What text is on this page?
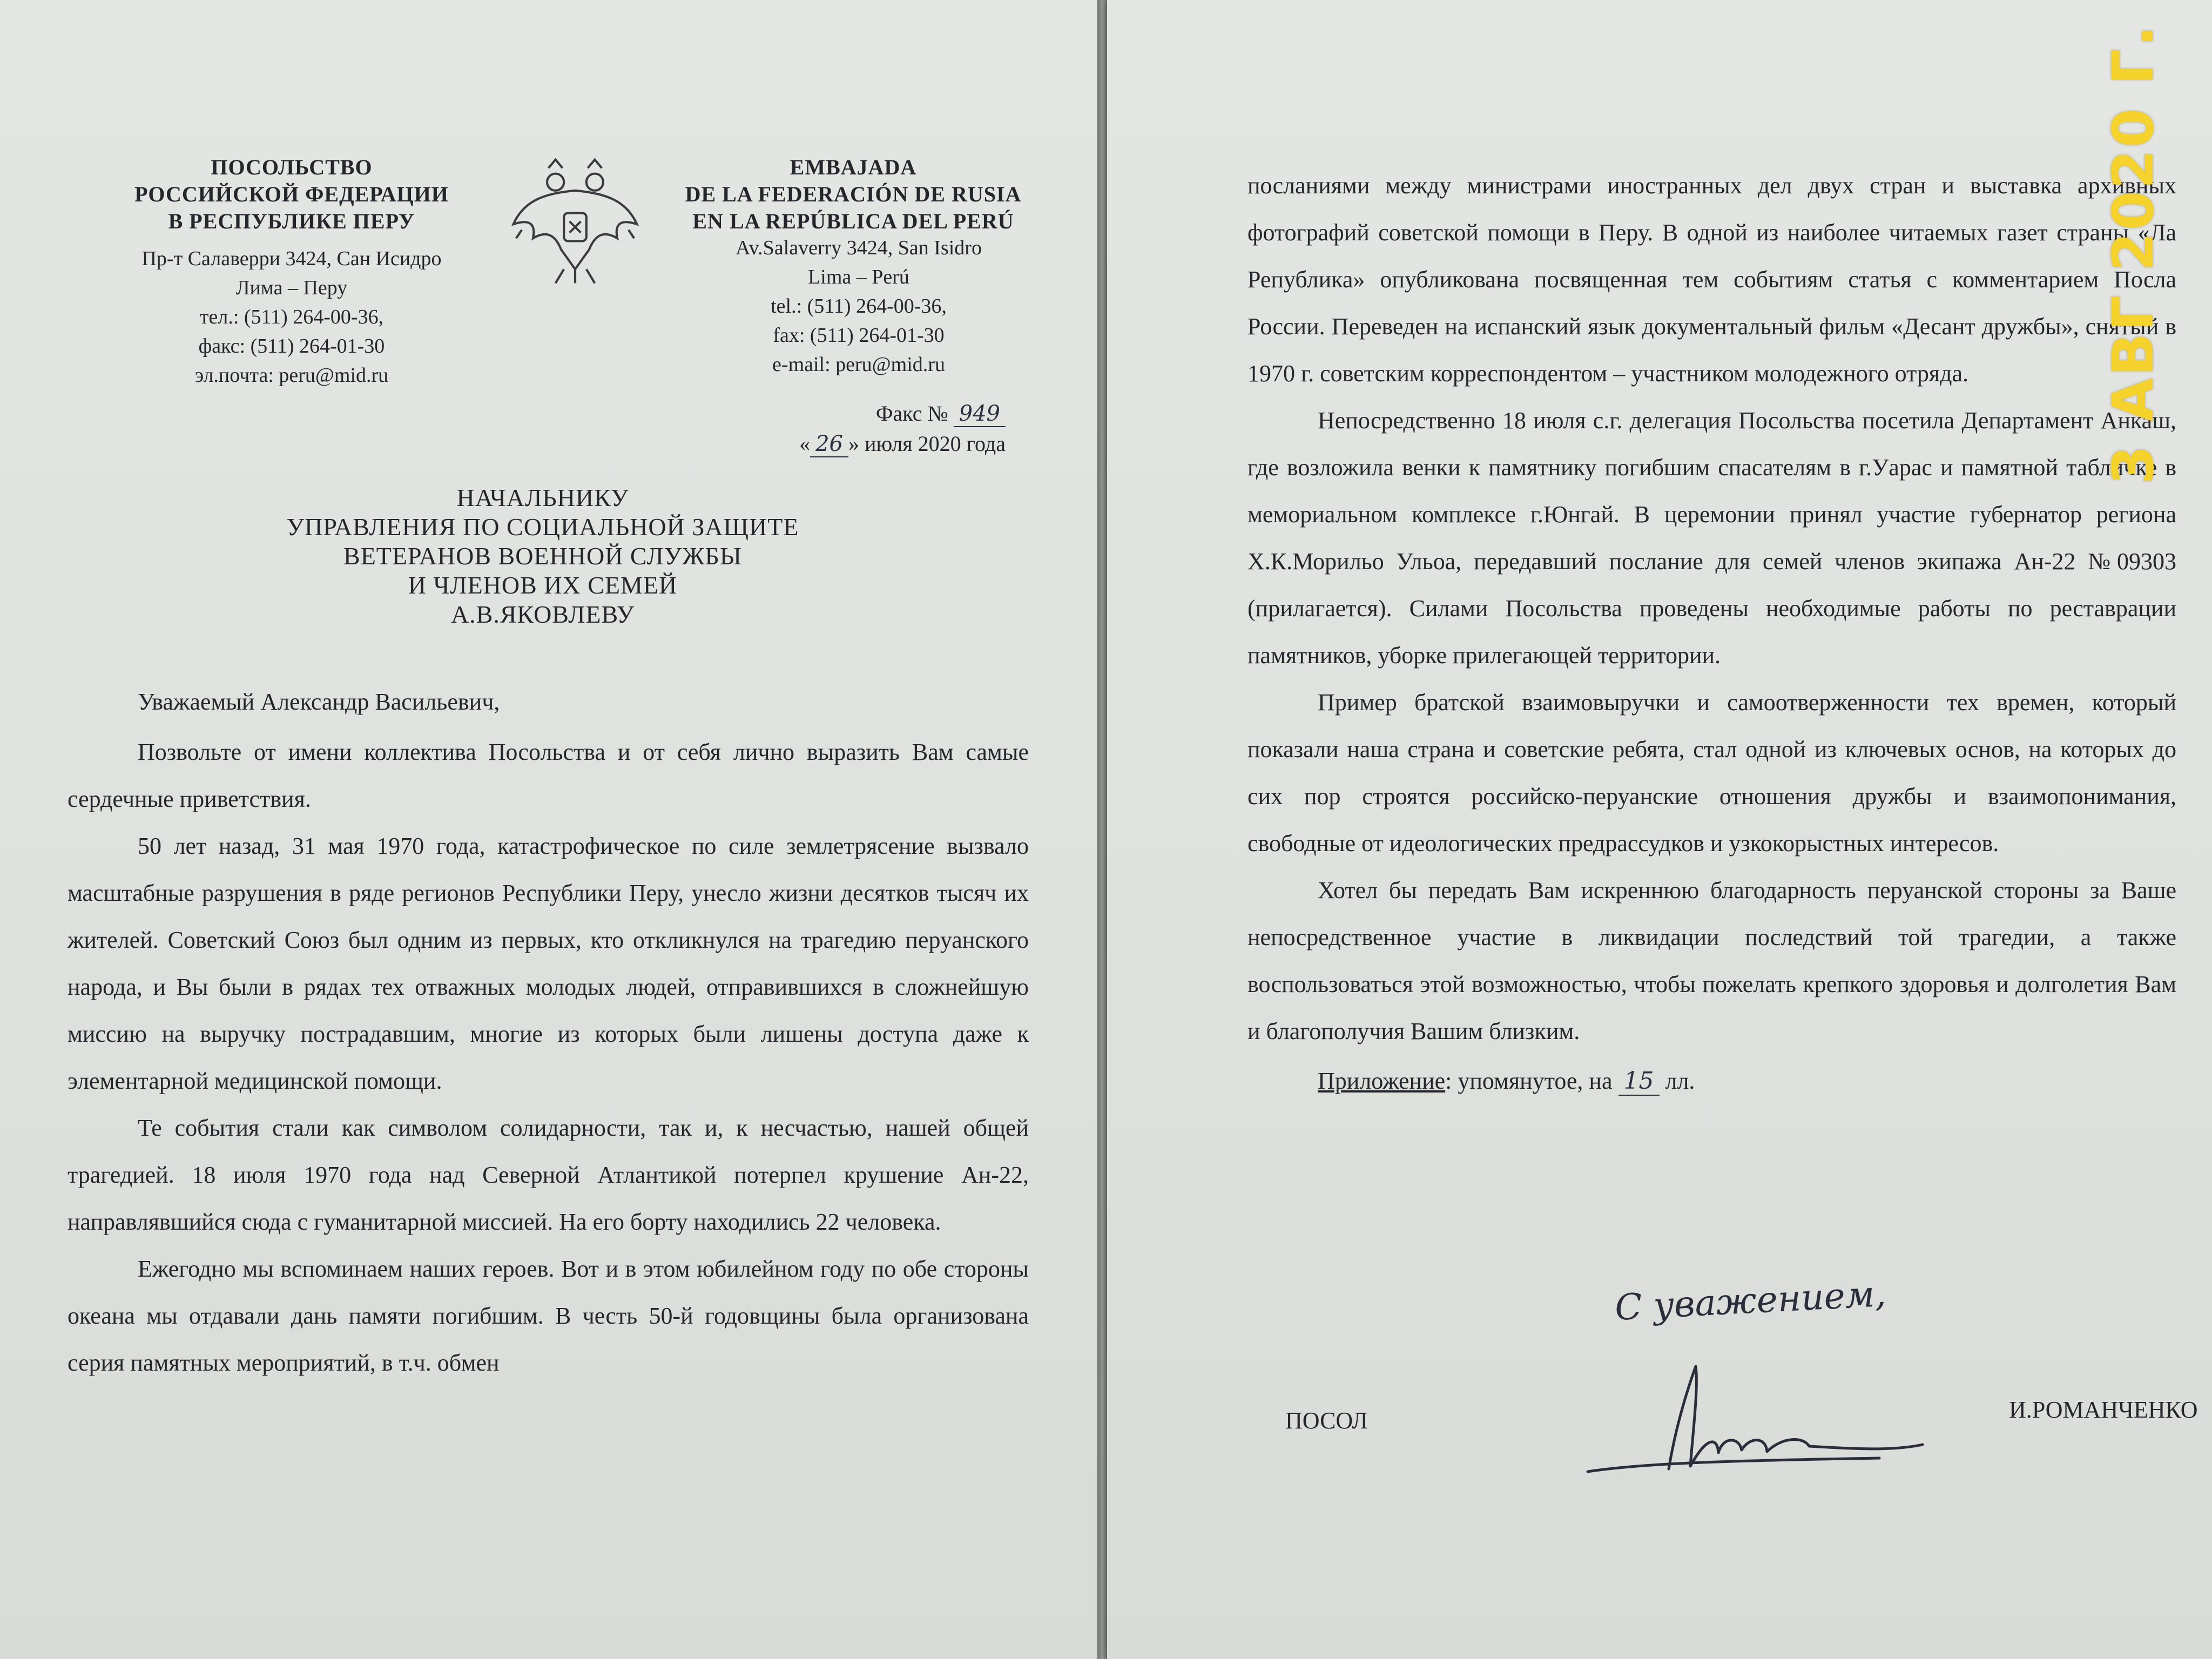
ПОСОЛЬСТВО
РОССИЙСКОЙ ФЕДЕРАЦИИ
В РЕСПУБЛИКЕ ПЕРУ
Пр-т Салаверри 3424, Сан Исидро
Лима – Перу
тел.: (511) 264-00-36,
факс: (511) 264-01-30
эл.почта: peru@mid.ru
EMBAJADA
DE LA FEDERACIÓN DE RUSIA
EN LA REPÚBLICA DEL PERÚ
Av.Salaverry 3424, San Isidro
Lima – Perú
tel.: (511) 264-00-36,
fax: (511) 264-01-30
e-mail: peru@mid.ru
Факс № 949
« 26 » июля 2020 года
НАЧАЛЬНИКУ
УПРАВЛЕНИЯ ПО СОЦИАЛЬНОЙ ЗАЩИТЕ
ВЕТЕРАНОВ ВОЕННОЙ СЛУЖБЫ
И ЧЛЕНОВ ИХ СЕМЕЙ
А.В.ЯКОВЛЕВУ
Уважаемый Александр Васильевич,

Позвольте от имени коллектива Посольства и от себя лично выразить Вам самые сердечные приветствия.

50 лет назад, 31 мая 1970 года, катастрофическое по силе землетрясение вызвало масштабные разрушения в ряде регионов Республики Перу, унесло жизни десятков тысяч их жителей. Советский Союз был одним из первых, кто откликнулся на трагедию перуанского народа, и Вы были в рядах тех отважных молодых людей, отправившихся в сложнейшую миссию на выручку пострадавшим, многие из которых были лишены доступа даже к элементарной медицинской помощи.

Те события стали как символом солидарности, так и, к несчастью, нашей общей трагедией. 18 июля 1970 года над Северной Атлантикой потерпел крушение Ан-22, направлявшийся сюда с гуманитарной миссией. На его борту находились 22 человека.

Ежегодно мы вспоминаем наших героев. Вот и в этом юбилейном году по обе стороны океана мы отдавали дань памяти погибшим. В честь 50-й годовщины была организована серия памятных мероприятий, в т.ч. обмен

посланиями между министрами иностранных дел двух стран и выставка архивных фотографий советской помощи в Перу. В одной из наиболее читаемых газет страны «Ла Република» опубликована посвященная тем событиям статья с комментарием Посла России. Переведен на испанский язык документальный фильм «Десант дружбы», снятый в 1970 г. советским корреспондентом – участником молодежного отряда.

Непосредственно 18 июля с.г. делегация Посольства посетила Департамент Анкаш, где возложила венки к памятнику погибшим спасателям в г.Уарас и памятной табличке в мемориальном комплексе г.Юнгай. В церемонии принял участие губернатор региона Х.К.Морильо Ульоа, передавший послание для семей членов экипажа Ан-22 №09303 (прилагается). Силами Посольства проведены необходимые работы по реставрации памятников, уборке прилегающей территории.

Пример братской взаимовыручки и самоотверженности тех времен, который показали наша страна и советские ребята, стал одной из ключевых основ, на которых до сих пор строятся российско-перуанские отношения дружбы и взаимопонимания, свободные от идеологических предрассудков и узкокорыстных интересов.

Хотел бы передать Вам искреннюю благодарность перуанской стороны за Ваше непосредственное участие в ликвидации последствий той трагедии, а также воспользоваться этой возможностью, чтобы пожелать крепкого здоровья и долголетия Вам и благополучия Вашим близким.

Приложение: упомянутое, на 15 лл.
С уважением,
ПОСОЛ	И.РОМАНЧЕНКО
3 АВГ 2020 Г.
